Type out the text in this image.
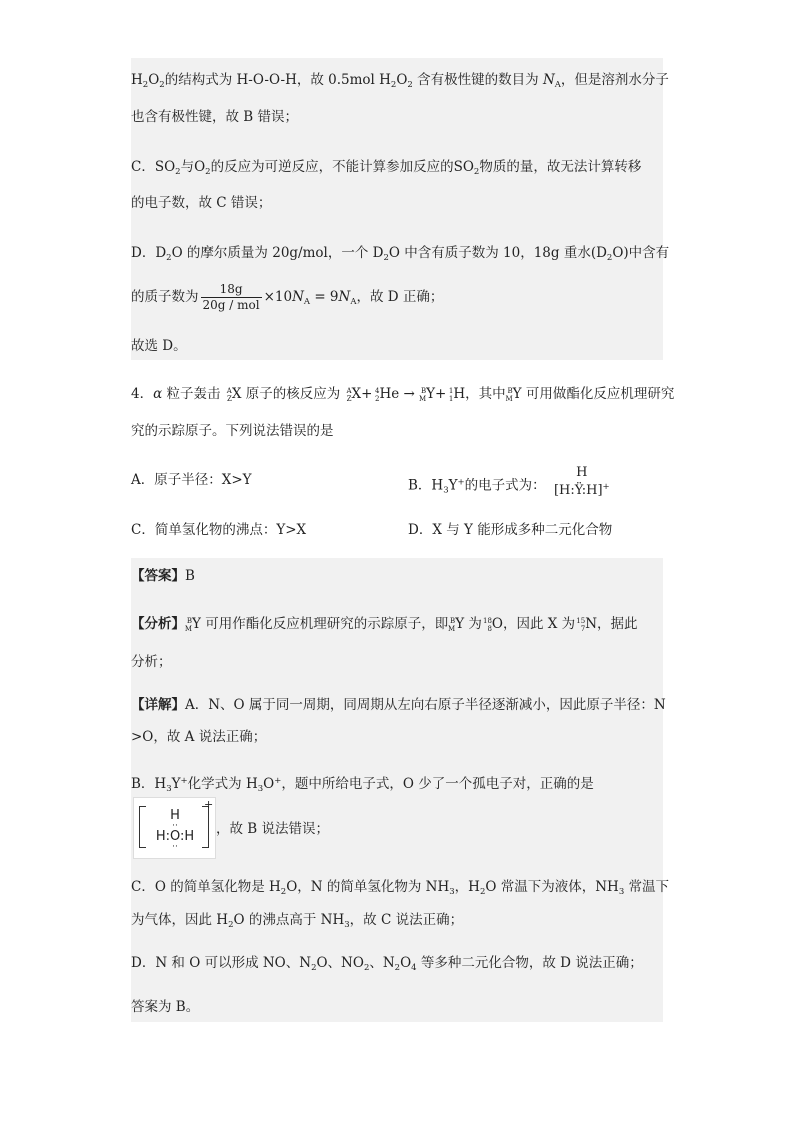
$H_2O_2$的结构式为 H-O-O-H，故 0.5mol $H_2O_2$ 含有极性键的数目为 $N_A$，但是溶剂水分子
也含有极性键，故 B 错误；
C．$SO_2$与$O_2$的反应为可逆反应，不能计算参加反应的$SO_2$物质的量，故无法计算转移
的电子数，故 C 错误；
D．$D_2O$ 的摩尔质量为 20g/mol，一个 $D_2O$ 中含有质子数为 10，18g 重水$(D_2O)$中含有
的质子数为 $\frac{18g}{\text{20g / mol}} \times 10N_A = 9N_A$，故 D 正确；
故选 D。
4．α 粒子轰击 A
Z X 原子的核反应为 A
Z X+ 4
2 He → B
M Y+ 1
1 H，其中 B
M Y 可用做酯化反应机理研究
究的示踪原子。下列说法错误的是
A．原子半径：X>Y	B．$H_3Y^+$的电子式为：
H
[H:Ÿ:H]+
C．简单氢化物的沸点：Y>X	D．X 与 Y 能形成多种二元化合物
【答案】B
【分析】 B
M Y 可用作酯化反应机理研究的示踪原子，即 B
M Y 为 18
8 O，因此 X 为 15
7 N，据此
分析；
【详解】A．N、O 属于同一周期，同周期从左向右原子半径逐渐减小，因此原子半径：N
>O，故 A 说法正确；
B．$H_3Y^+$化学式为 $H_3O^+$，题中所给电子式，O 少了一个孤电子对，正确的是
H
··
H:O:H
··
+
，故 B 说法错误；
C．O 的简单氢化物是 $H_2O$，N 的简单氢化物为 $NH_3$，$H_2O$ 常温下为液体，$NH_3$ 常温下
为气体，因此 $H_2O$ 的沸点高于 $NH_3$，故 C 说法正确；
D．N 和 O 可以形成 NO、$N_2O$、$NO_2$、$N_2O_4$ 等多种二元化合物，故 D 说法正确；
答案为 B。
